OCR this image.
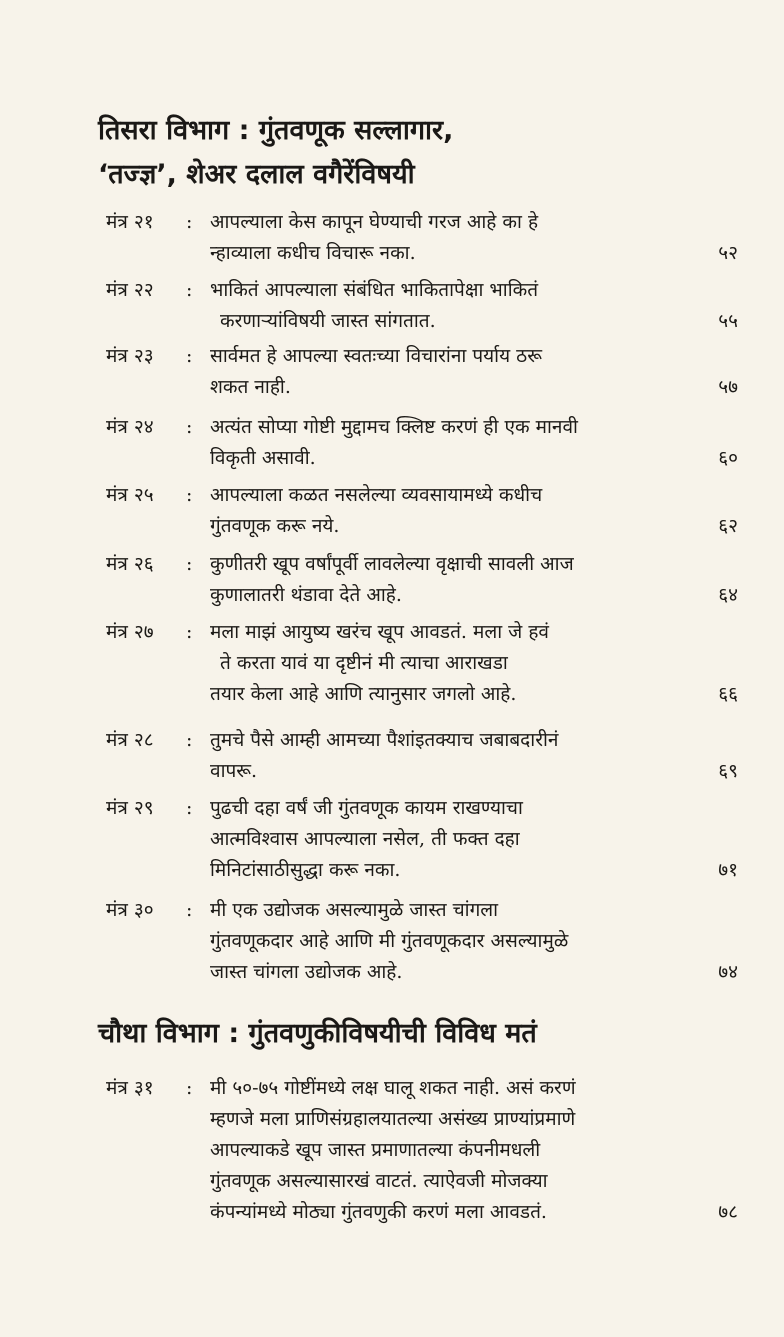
तिसरा विभाग : गुंतवणूक सल्लागार,
‘तज्ज्ञ’, शेअर दलाल वगैरेंविषयी
मंत्र २१	: आपल्याला केस कापून घेण्याची गरज आहे का हे
न्हाव्याला कधीच विचारू नका.	५२
मंत्र २२	: भाकितं आपल्याला संबंधित भाकितापेक्षा भाकितं
करणाऱ्यांविषयी जास्त सांगतात.	५५
मंत्र २३	: सार्वमत हे आपल्या स्वतःच्या विचारांना पर्याय ठरू
शकत नाही.	५७
मंत्र २४	: अत्यंत सोप्या गोष्टी मुद्दामच क्लिष्ट करणं ही एक मानवी
विकृती असावी.	६०
मंत्र २५	: आपल्याला कळत नसलेल्या व्यवसायामध्ये कधीच
गुंतवणूक करू नये.	६२
मंत्र २६	: कुणीतरी खूप वर्षांपूर्वी लावलेल्या वृक्षाची सावली आज
कुणालातरी थंडावा देते आहे.	६४
मंत्र २७	: मला माझं आयुष्य खरंच खूप आवडतं. मला जे हवं
ते करता यावं या दृष्टीनं मी त्याचा आराखडा
तयार केला आहे आणि त्यानुसार जगलो आहे.	६६
मंत्र २८	: तुमचे पैसे आम्ही आमच्या पैशांइतक्याच जबाबदारीनं
वापरू.	६९
मंत्र २९	: पुढची दहा वर्षं जी गुंतवणूक कायम राखण्याचा
आत्मविश्वास आपल्याला नसेल, ती फक्त दहा
मिनिटांसाठीसुद्धा करू नका.	७१
मंत्र ३०	: मी एक उद्योजक असल्यामुळे जास्त चांगला
गुंतवणूकदार आहे आणि मी गुंतवणूकदार असल्यामुळे
जास्त चांगला उद्योजक आहे.	७४
चौथा विभाग : गुंतवणुकीविषयीची विविध मतं
मंत्र ३१	: मी ५०-७५ गोष्टींमध्ये लक्ष घालू शकत नाही. असं करणं
म्हणजे मला प्राणिसंग्रहालयातल्या असंख्य प्राण्यांप्रमाणे
आपल्याकडे खूप जास्त प्रमाणातल्या कंपनीमधली
गुंतवणूक असल्यासारखं वाटतं. त्याऐवजी मोजक्या
कंपन्यांमध्ये मोठ्या गुंतवणुकी करणं मला आवडतं.	७८
